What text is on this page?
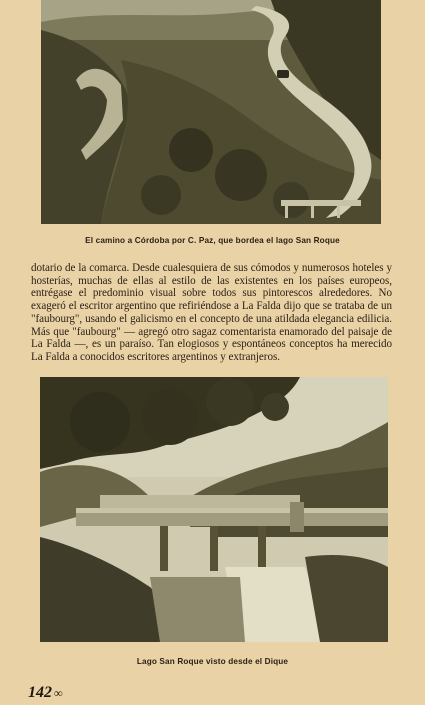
El camino a Córdoba por C. Paz, que bordea el lago San Roque

dotario de la comarca. Desde cualesquiera de sus cómodos y numerosos hoteles y hosterías, muchas de ellas al estilo de las existentes en los países europeos, entrégase el predominio visual sobre todos sus pintorescos alrededores. No exageró el escritor argentino que refiriéndose a La Falda dijo que se trataba de un "faubourg", usando el galicismo en el concepto de una atildada elegancia edilicia. Más que "faubourg" — agregó otro sagaz comentarista enamorado del paisaje de La Falda —, es un paraíso. Tan elogiosos y espontáneos conceptos ha merecido La Falda a conocidos escritores argentinos y extranjeros.

Lago San Roque visto desde el Dique
142 ∞
